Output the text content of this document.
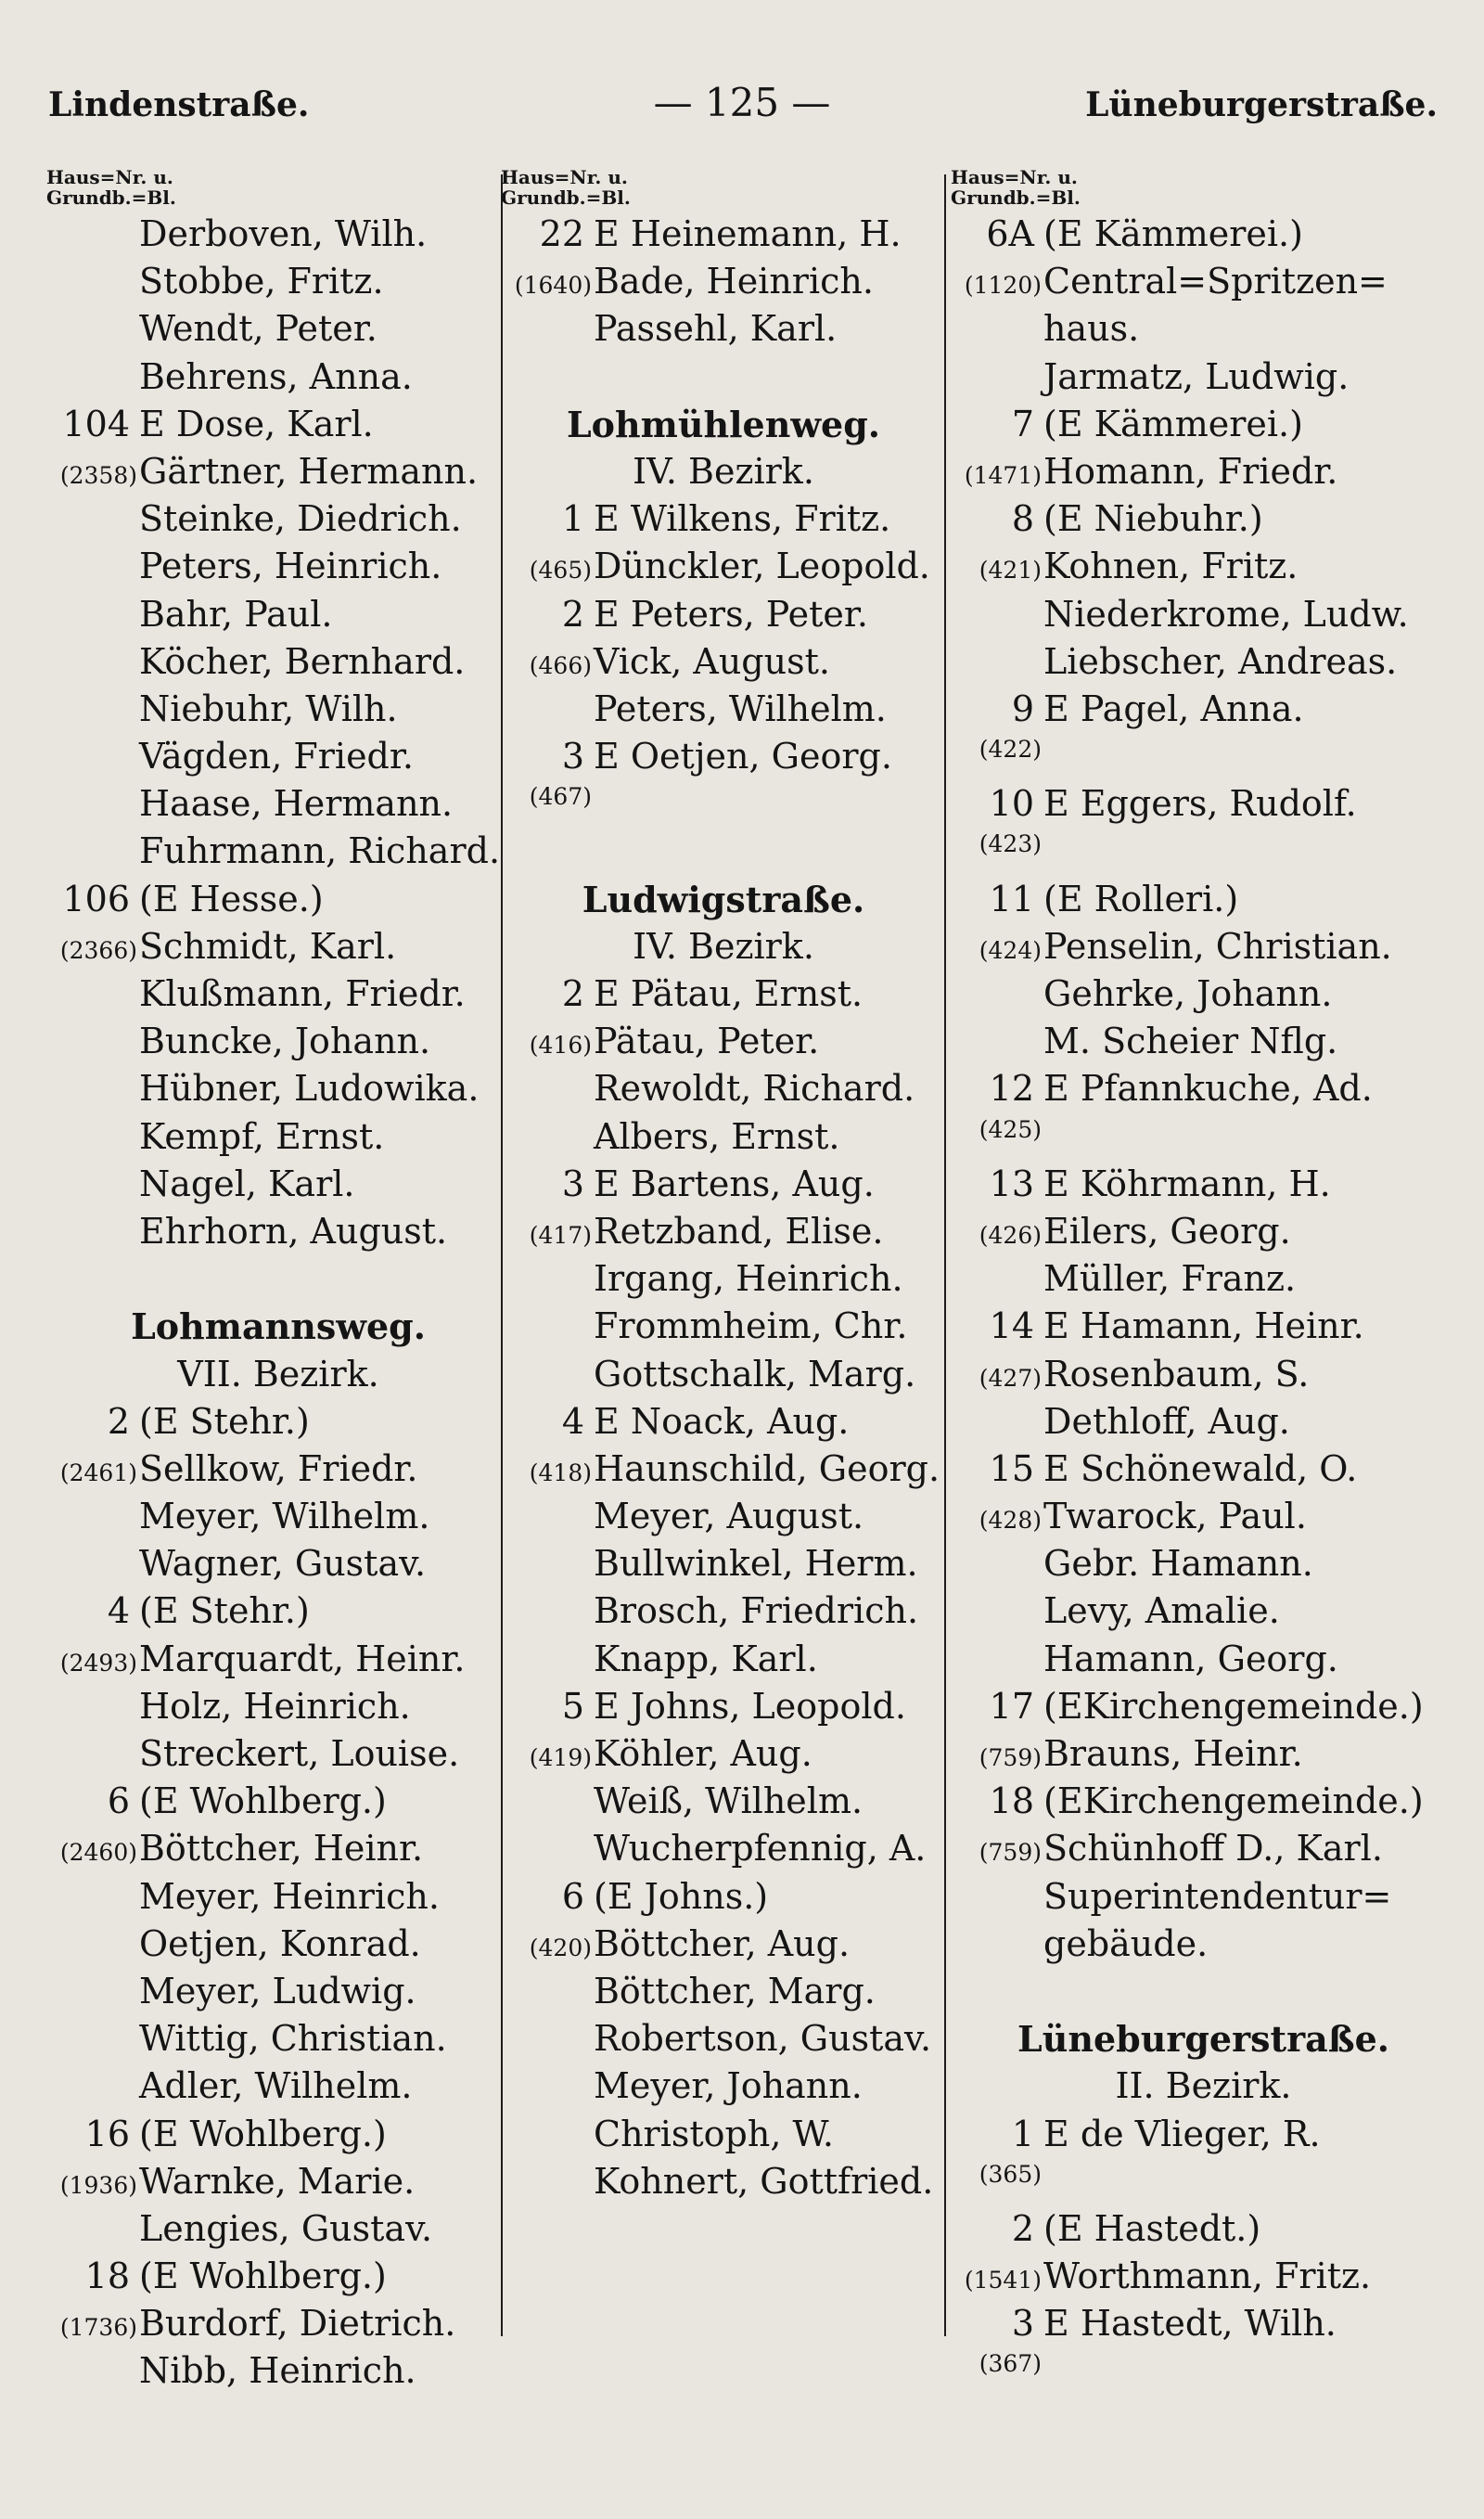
Lindenstraße.	— 125 —	Lüneburgerstraße.
Haus=Nr. u.
Grundb.=Bl.
Derboven, Wilh.
Stobbe, Fritz.
Wendt, Peter.
Behrens, Anna.
104 E Dose, Karl.
(2358) Gärtner, Hermann.
Steinke, Diedrich.
Peters, Heinrich.
Bahr, Paul.
Köcher, Bernhard.
Niebuhr, Wilh.
Vägden, Friedr.
Haase, Hermann.
Fuhrmann, Richard.
106 (E Hesse.)
(2366) Schmidt, Karl.
Klußmann, Friedr.
Buncke, Johann.
Hübner, Ludowika.
Kempf, Ernst.
Nagel, Karl.
Ehrhorn, August.
Lohmannsweg.
VII. Bezirk.
2 (E Stehr.)
(2461) Sellkow, Friedr.
Meyer, Wilhelm.
Wagner, Gustav.
4 (E Stehr.)
(2493) Marquardt, Heinr.
Holz, Heinrich.
Streckert, Louise.
6 (E Wohlberg.)
(2460) Böttcher, Heinr.
Meyer, Heinrich.
Oetjen, Konrad.
Meyer, Ludwig.
Wittig, Christian.
Adler, Wilhelm.
16 (E Wohlberg.)
(1936) Warnke, Marie.
Lengies, Gustav.
18 (E Wohlberg.)
(1736) Burdorf, Dietrich.
Nibb, Heinrich.
Haus=Nr. u.
Grundb.=Bl.
22 E Heinemann, H.
(1640) Bade, Heinrich.
Passehl, Karl.
Lohmühlenweg.
IV. Bezirk.
1 E Wilkens, Fritz.
(465) Dünckler, Leopold.
2 E Peters, Peter.
(466) Vick, August.
Peters, Wilhelm.
3 E Oetjen, Georg.
(467)
Ludwigstraße.
IV. Bezirk.
2 E Pätau, Ernst.
(416) Pätau, Peter.
Rewoldt, Richard.
Albers, Ernst.
3 E Bartens, Aug.
(417) Retzband, Elise.
Irgang, Heinrich.
Frommheim, Chr.
Gottschalk, Marg.
4 E Noack, Aug.
(418) Haunschild, Georg.
Meyer, August.
Bullwinkel, Herm.
Brosch, Friedrich.
Knapp, Karl.
5 E Johns, Leopold.
(419) Köhler, Aug.
Weiß, Wilhelm.
Wucherpfennig, A.
6 (E Johns.)
(420) Böttcher, Aug.
Böttcher, Marg.
Robertson, Gustav.
Meyer, Johann.
Christoph, W.
Kohnert, Gottfried.
Haus=Nr. u.
Grundb.=Bl.
6A (E Kämmerei.)
(1120) Central=Spritzen=
haus.
Jarmatz, Ludwig.
7 (E Kämmerei.)
(1471) Homann, Friedr.
8 (E Niebuhr.)
(421) Kohnen, Fritz.
Niederkrome, Ludw.
Liebscher, Andreas.
9 E Pagel, Anna.
(422)
10 E Eggers, Rudolf.
(423)
11 (E Rolleri.)
(424) Penselin, Christian.
Gehrke, Johann.
M. Scheier Nflg.
12 E Pfannkuche, Ad.
(425)
13 E Köhrmann, H.
(426) Eilers, Georg.
Müller, Franz.
14 E Hamann, Heinr.
(427) Rosenbaum, S.
Dethloff, Aug.
15 E Schönewald, O.
(428) Twarock, Paul.
Gebr. Hamann.
Levy, Amalie.
Hamann, Georg.
17 (EKirchengemeinde.)
(759) Brauns, Heinr.
18 (EKirchengemeinde.)
(759) Schünhoff D., Karl.
Superintendentur=
gebäude.
Lüneburgerstraße.
II. Bezirk.
1 E de Vlieger, R.
(365)
2 (E Hastedt.)
(1541) Worthmann, Fritz.
3 E Hastedt, Wilh.
(367)
